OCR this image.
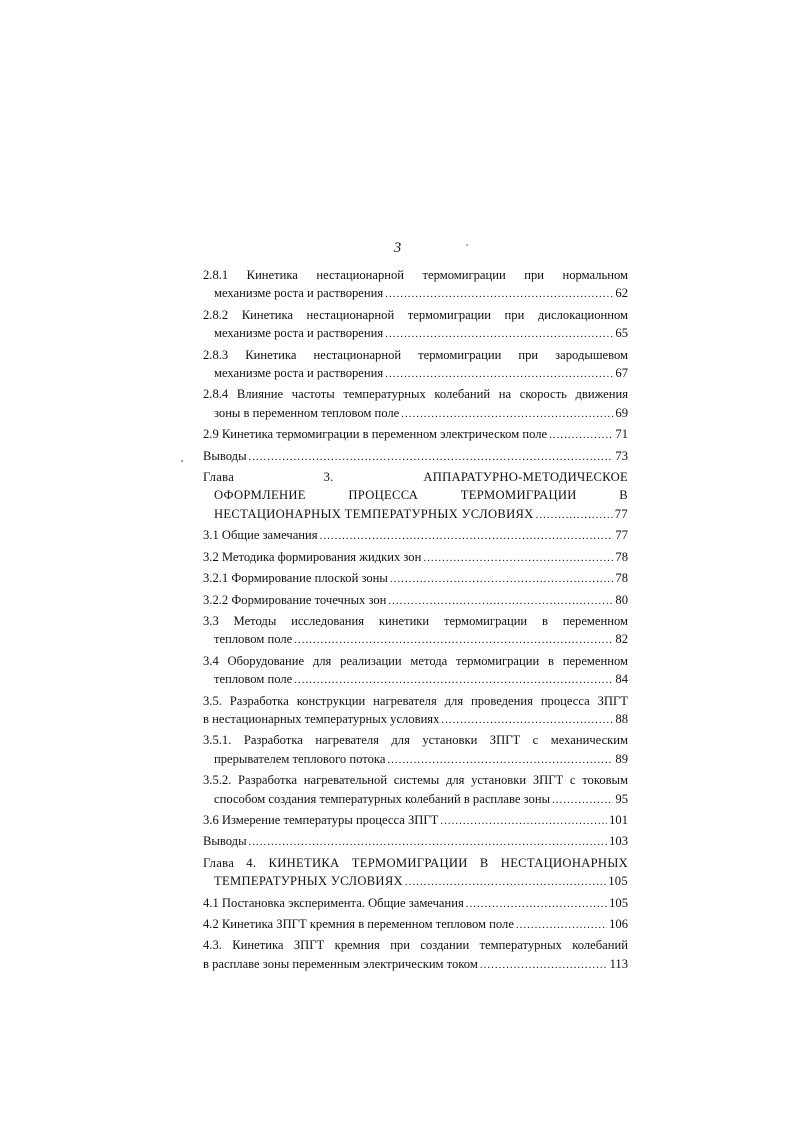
3
2.8.1 Кинетика нестационарной термомиграции при нормальном
механизме роста и растворения .....	62
2.8.2 Кинетика нестационарной термомиграции при дислокационном
механизме роста и растворения .....	65
2.8.3 Кинетика нестационарной термомиграции при зародышевом
механизме роста и растворения .....	67
2.8.4 Влияние частоты температурных колебаний на скорость движения
зоны в переменном тепловом поле .....	69
2.9 Кинетика термомиграции в переменном электрическом поле .....	71
Выводы .....	73
Глава 3. АППАРАТУРНО-МЕТОДИЧЕСКОЕ
ОФОРМЛЕНИЕ ПРОЦЕССА ТЕРМОМИГРАЦИИ В
НЕСТАЦИОНАРНЫХ ТЕМПЕРАТУРНЫХ УСЛОВИЯХ .....	77
3.1 Общие замечания .....	77
3.2 Методика формирования жидких зон .....	78
3.2.1 Формирование плоской зоны .....	78
3.2.2 Формирование точечных зон .....	80
3.3 Методы исследования кинетики термомиграции в переменном
тепловом поле .....	82
3.4 Оборудование для реализации метода термомиграции в переменном
тепловом поле .....	84
3.5. Разработка конструкции нагревателя для проведения процесса ЗПГТ
в нестационарных температурных условиях .....	88
3.5.1. Разработка нагревателя для установки ЗПГТ с механическим
прерывателем теплового потока .....	89
3.5.2. Разработка нагревательной системы для установки ЗПГТ с токовым
способом создания температурных колебаний в расплаве зоны .....	95
3.6 Измерение температуры процесса ЗПГТ .....	101
Выводы .....	103
Глава 4. КИНЕТИКА ТЕРМОМИГРАЦИИ В НЕСТАЦИОНАРНЫХ
ТЕМПЕРАТУРНЫХ УСЛОВИЯХ .....	105
4.1 Постановка эксперимента. Общие замечания .....	105
4.2 Кинетика ЗПГТ кремния в переменном тепловом поле .....	106
4.3. Кинетика ЗПГТ кремния при создании температурных колебаний
в расплаве зоны переменным электрическим током .....	113
